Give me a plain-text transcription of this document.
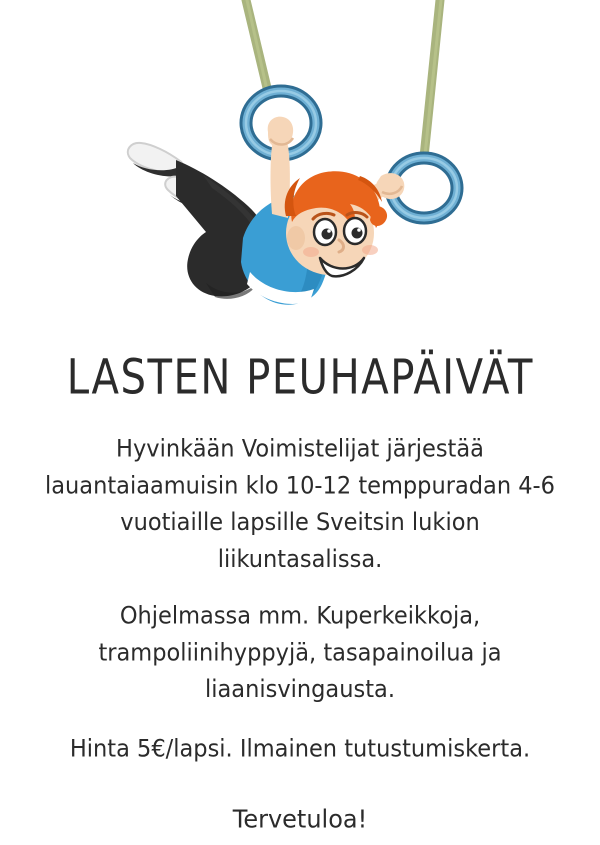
LASTEN PEUHAPÄIVÄT

Hyvinkään Voimistelijat järjestää lauantaiaamuisin klo 10-12 temppuradan 4-6 vuotiaille lapsille Sveitsin lukion liikuntasalissa.

Ohjelmassa mm. Kuperkeikkoja, trampoliinihyppyjä, tasapainoilua ja liaanisvingausta.

Hinta 5€/lapsi. Ilmainen tutustumiskerta.

Tervetuloa!
